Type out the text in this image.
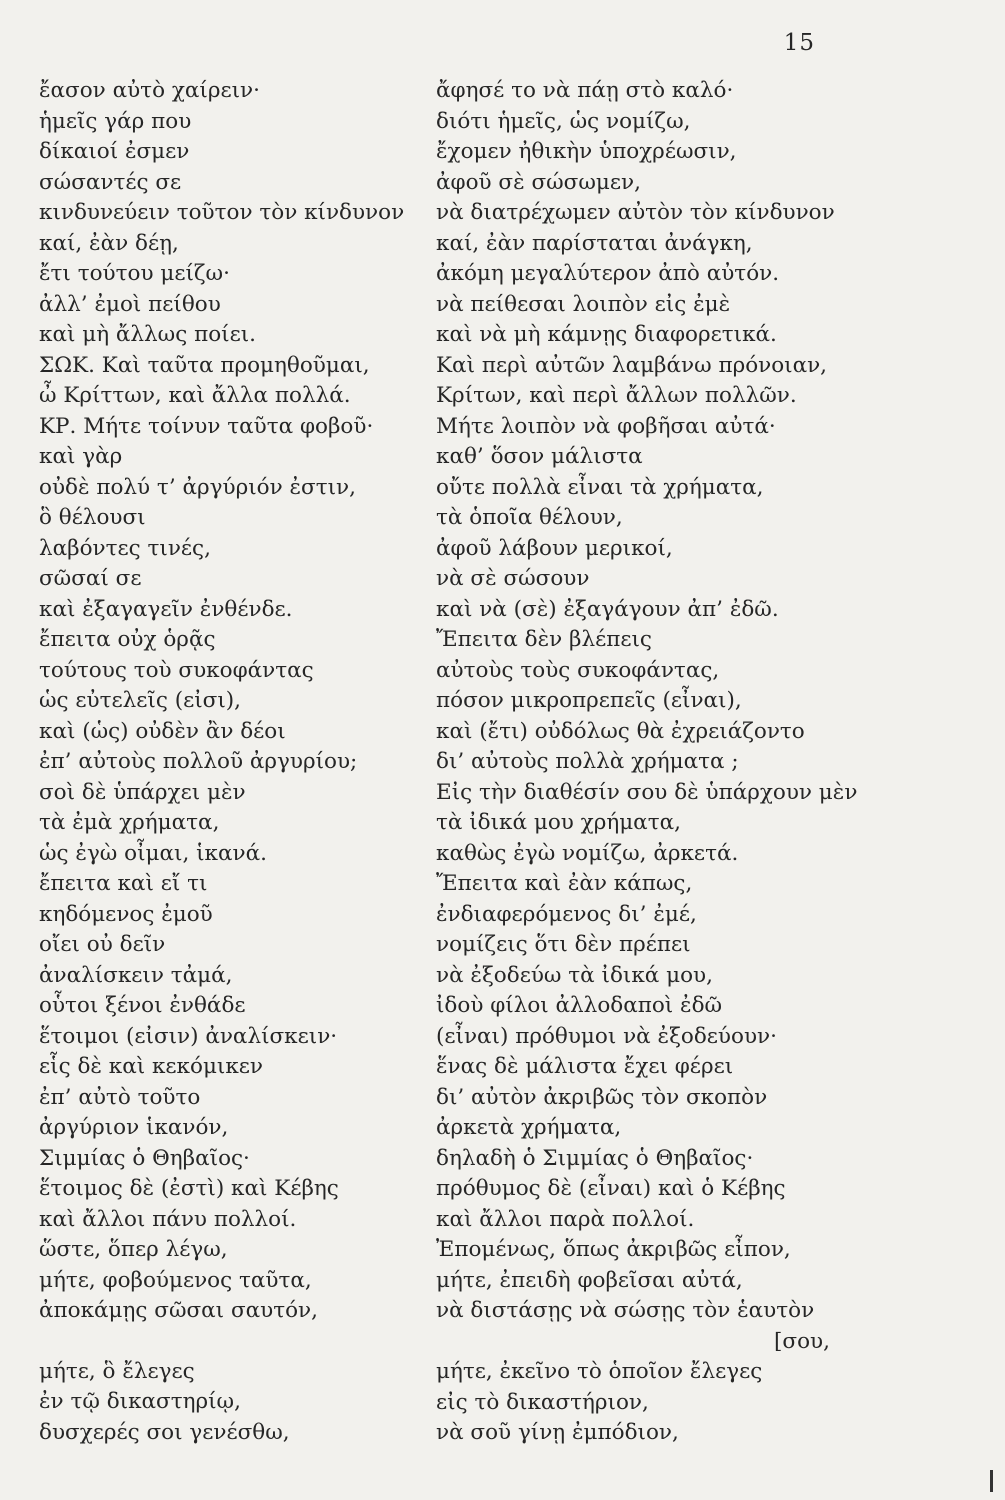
15
ἔασον αὐτὸ χαίρειν·
ἡμεῖς γάρ που
δίκαιοί ἐσμεν
σώσαντές σε
κινδυνεύειν τοῦτον τὸν κίνδυνον
καί, ἐὰν δέῃ,
ἔτι τούτου μείζω·
ἀλλ’ ἐμοὶ πείθου
καὶ μὴ ἄλλως ποίει.
ΣΩΚ. Καὶ ταῦτα προμηθοῦμαι,
ὦ Κρίττων, καὶ ἄλλα πολλά.
ΚΡ. Μήτε τοίνυν ταῦτα φοβοῦ·
καὶ γὰρ
οὐδὲ πολύ τ’ ἀργύριόν ἐστιν,
ὃ θέλουσι
λαβόντες τινές,
σῶσαί σε
καὶ ἐξαγαγεῖν ἐνθένδε.
ἔπειτα οὐχ ὁρᾷς
τούτους τοὺ συκοφάντας
ὡς εὐτελεῖς (εἰσι),
καὶ (ὡς) οὐδὲν ἂν δέοι
ἐπ’ αὐτοὺς πολλοῦ ἀργυρίου;
σοὶ δὲ ὑπάρχει μὲν
τὰ ἐμὰ χρήματα,
ὡς ἐγὼ οἶμαι, ἱκανά.
ἔπειτα καὶ εἴ τι
κηδόμενος ἐμοῦ
οἴει οὐ δεῖν
ἀναλίσκειν τἀμά,
οὗτοι ξένοι ἐνθάδε
ἕτοιμοι (εἰσιν) ἀναλίσκειν·
εἷς δὲ καὶ κεκόμικεν
ἐπ’ αὐτὸ τοῦτο
ἀργύριον ἱκανόν,
Σιμμίας ὁ Θηβαῖος·
ἕτοιμος δὲ (ἐστὶ) καὶ Κέβης
καὶ ἄλλοι πάνυ πολλοί.
ὥστε, ὅπερ λέγω,
μήτε, φοβούμενος ταῦτα,
ἀποκάμῃς σῶσαι σαυτόν,
μήτε, ὃ ἔλεγες
ἐν τῷ δικαστηρίῳ,
δυσχερές σοι γενέσθω,
ἄφησέ το νὰ πάῃ στὸ καλό·
διότι ἡμεῖς, ὡς νομίζω,
ἔχομεν ἠθικὴν ὑποχρέωσιν,
ἀφοῦ σὲ σώσωμεν,
νὰ διατρέχωμεν αὐτὸν τὸν κίνδυνον
καί, ἐὰν παρίσταται ἀνάγκη,
ἀκόμη μεγαλύτερον ἀπὸ αὐτόν.
νὰ πείθεσαι λοιπὸν εἰς ἐμὲ
καὶ νὰ μὴ κάμνῃς διαφορετικά.
Καὶ περὶ αὐτῶν λαμβάνω πρόνοιαν,
Κρίτων, καὶ περὶ ἄλλων πολλῶν.
Μήτε λοιπὸν νὰ φοβῆσαι αὐτά·
καθ’ ὅσον μάλιστα
οὔτε πολλὰ εἶναι τὰ χρήματα,
τὰ ὁποῖα θέλουν,
ἀφοῦ λάβουν μερικοί,
νὰ σὲ σώσουν
καὶ νὰ (σὲ) ἐξαγάγουν ἀπ’ ἐδῶ.
Ἔπειτα δὲν βλέπεις
αὐτοὺς τοὺς συκοφάντας,
πόσον μικροπρεπεῖς (εἶναι),
καὶ (ἔτι) οὐδόλως θὰ ἐχρειάζοντο
δι’ αὐτοὺς πολλὰ χρήματα ;
Εἰς τὴν διαθέσίν σου δὲ ὑπάρχουν μὲν
τὰ ἰδικά μου χρήματα,
καθὼς ἐγὼ νομίζω, ἀρκετά.
Ἔπειτα καὶ ἐὰν κάπως,
ἐνδιαφερόμενος δι’ ἐμέ,
νομίζεις ὅτι δὲν πρέπει
νὰ ἐξοδεύω τὰ ἰδικά μου,
ἰδοὺ φίλοι ἀλλοδαποὶ ἐδῶ
(εἶναι) πρόθυμοι νὰ ἐξοδεύουν·
ἕνας δὲ μάλιστα ἔχει φέρει
δι’ αὐτὸν ἀκριβῶς τὸν σκοπὸν
ἀρκετὰ χρήματα,
δηλαδὴ ὁ Σιμμίας ὁ Θηβαῖος·
πρόθυμος δὲ (εἶναι) καὶ ὁ Κέβης
καὶ ἄλλοι παρὰ πολλοί.
Ἐπομένως, ὅπως ἀκριβῶς εἶπον,
μήτε, ἐπειδὴ φοβεῖσαι αὐτά,
νὰ διστάσῃς νὰ σώσῃς τὸν ἑαυτὸν
[σου,
μήτε, ἐκεῖνο τὸ ὁποῖον ἔλεγες
εἰς τὸ δικαστήριον,
νὰ σοῦ γίνῃ ἐμπόδιον,
